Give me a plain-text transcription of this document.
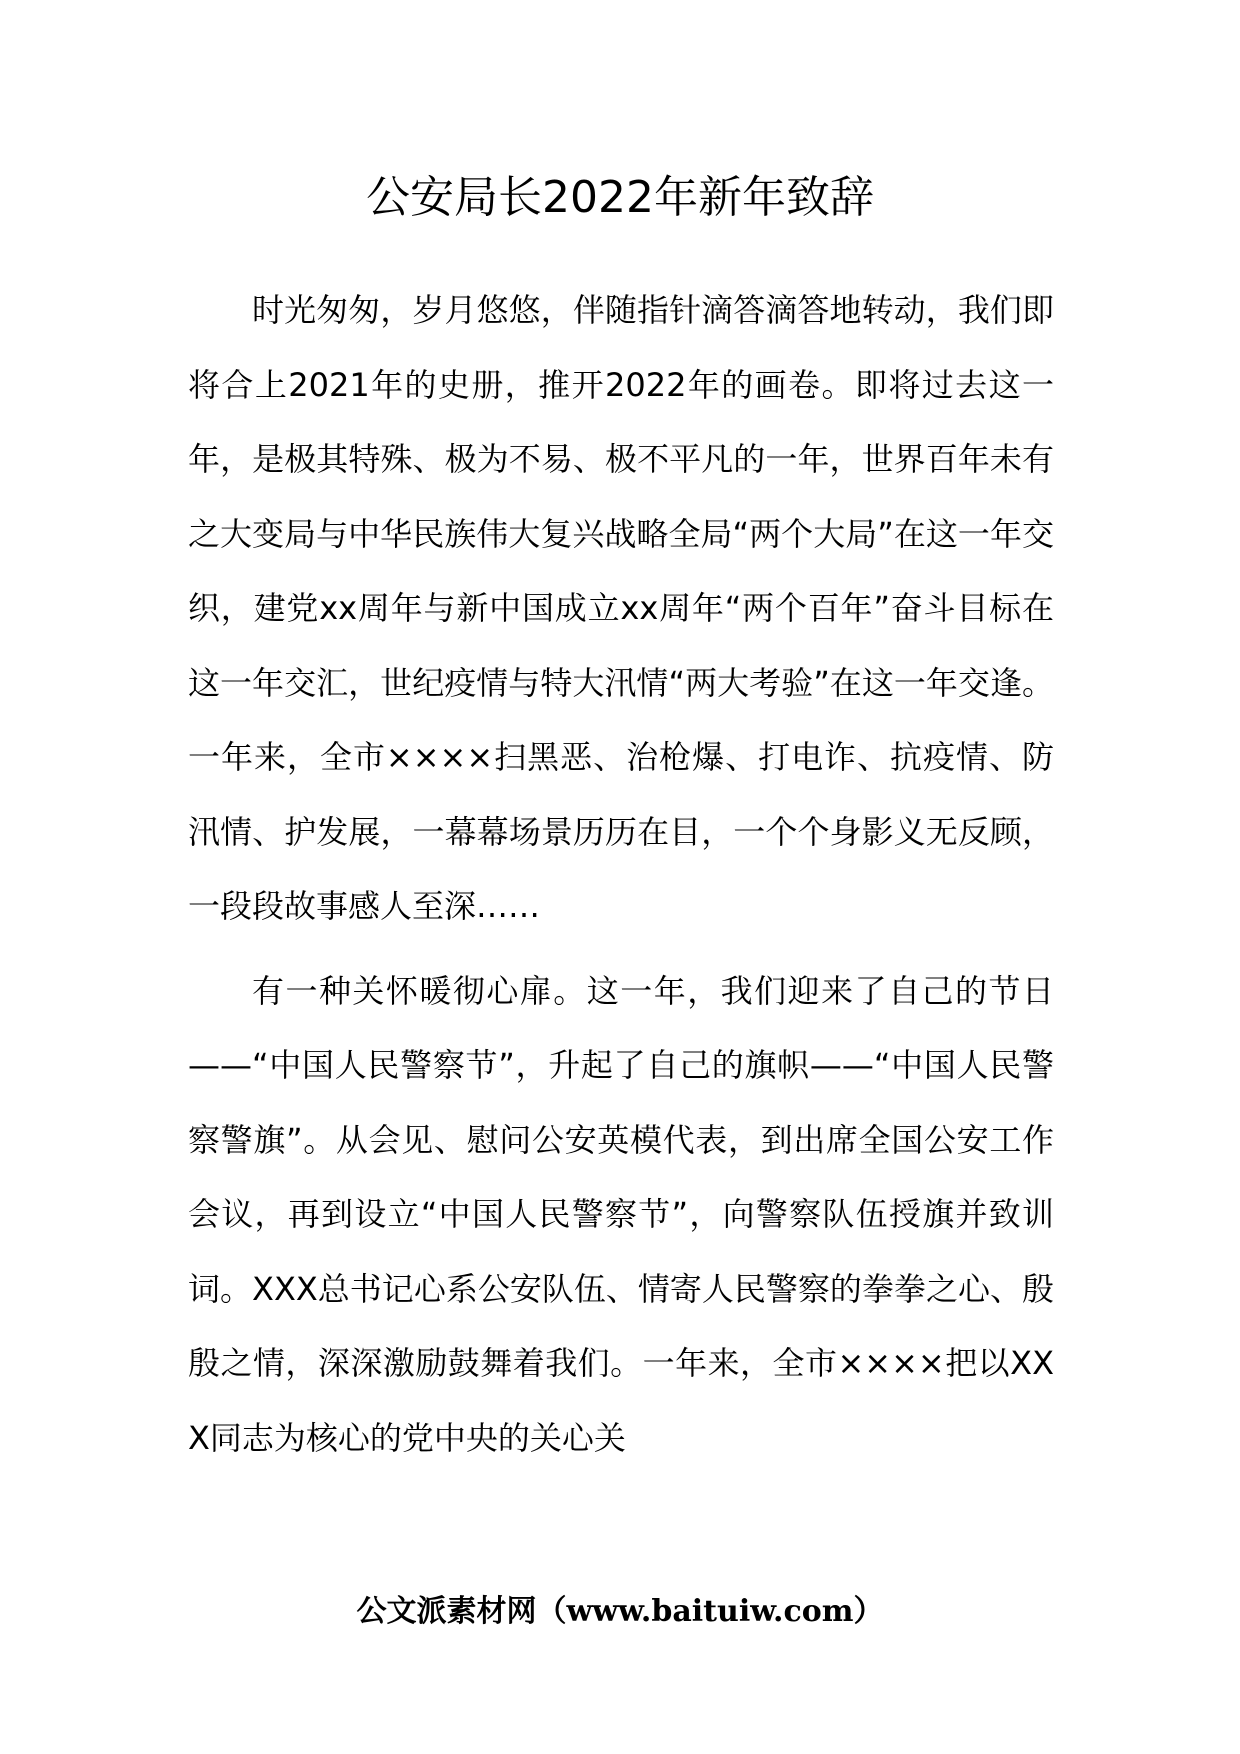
公安局长2022年新年致辞

时光匆匆，岁月悠悠，伴随指针滴答滴答地转动，我们即将合上2021年的史册，推开2022年的画卷。即将过去这一年，是极其特殊、极为不易、极不平凡的一年，世界百年未有之大变局与中华民族伟大复兴战略全局“两个大局”在这一年交织，建党xx周年与新中国成立xx周年“两个百年”奋斗目标在这一年交汇，世纪疫情与特大汛情“两大考验”在这一年交逢。一年来，全市××××扫黑恶、治枪爆、打电诈、抗疫情、防汛情、护发展，一幕幕场景历历在目，一个个身影义无反顾，一段段故事感人至深……

有一种关怀暖彻心扉。这一年，我们迎来了自己的节日——“中国人民警察节”，升起了自己的旗帜——“中国人民警察警旗”。从会见、慰问公安英模代表，到出席全国公安工作会议，再到设立“中国人民警察节”，向警察队伍授旗并致训词。XXX总书记心系公安队伍、情寄人民警察的拳拳之心、殷殷之情，深深激励鼓舞着我们。一年来，全市××××把以XXX同志为核心的党中央的关心关

公文派素材网（www.baituiw.com）
